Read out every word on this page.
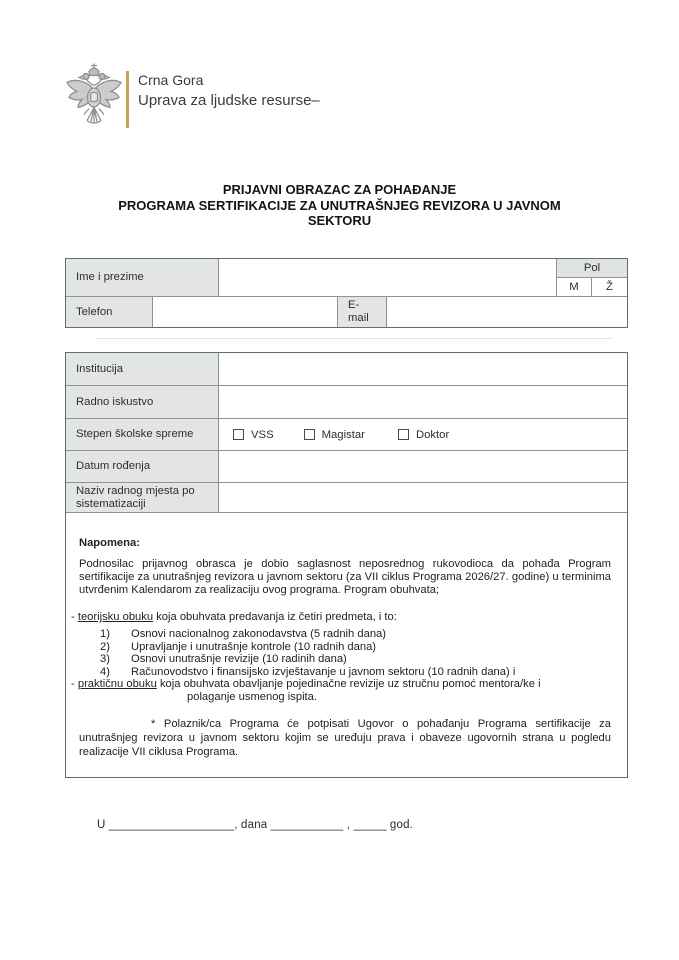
Crna Gora
Uprava za ljudske resurse–
PRIJAVNI OBRAZAC ZA POHAĐANJE
PROGRAMA SERTIFIKACIJE ZA UNUTRAŠNJEG REVIZORA U JAVNOM
SEKTORU
Ime i prezime
Pol
M	Ž
Telefon
E-mail
Institucija
Radno iskustvo
Stepen školske spreme	VSS	Magistar	Doktor
Datum rođenja
Naziv radnog mjesta po sistematizaciji
Napomena:
Podnosilac prijavnog obrasca je dobio saglasnost neposrednog rukovodioca da pohađa Program sertifikacije za unutrašnjeg revizora u javnom sektoru (za VII ciklus Programa 2026/27. godine) u terminima utvrđenim Kalendarom za realizaciju ovog programa. Program obuhvata;
- teorijsku obuku koja obuhvata predavanja iz četiri predmeta, i to:
1)	Osnovi nacionalnog zakonodavstva (5 radnih dana)
2)	Upravljanje i unutrašnje kontrole (10 radnih dana)
3)	Osnovi unutrašnje revizije (10 radinih dana)
4)	Računovodstvo i finansijsko izvještavanje u javnom sektoru (10 radnih dana) i
- praktičnu obuku koja obuhvata obavljanje pojedinačne revizije uz stručnu pomoć mentora/ke i
polaganje usmenog ispita.
* Polaznik/ca Programa će potpisati Ugovor o pohađanju Programa sertifikacije za unutrašnjeg revizora u javnom sektoru kojim se uređuju prava i obaveze ugovornih strana u pogledu realizacije VII ciklusa Programa.
U ___________________, dana ___________ , _____ god.
